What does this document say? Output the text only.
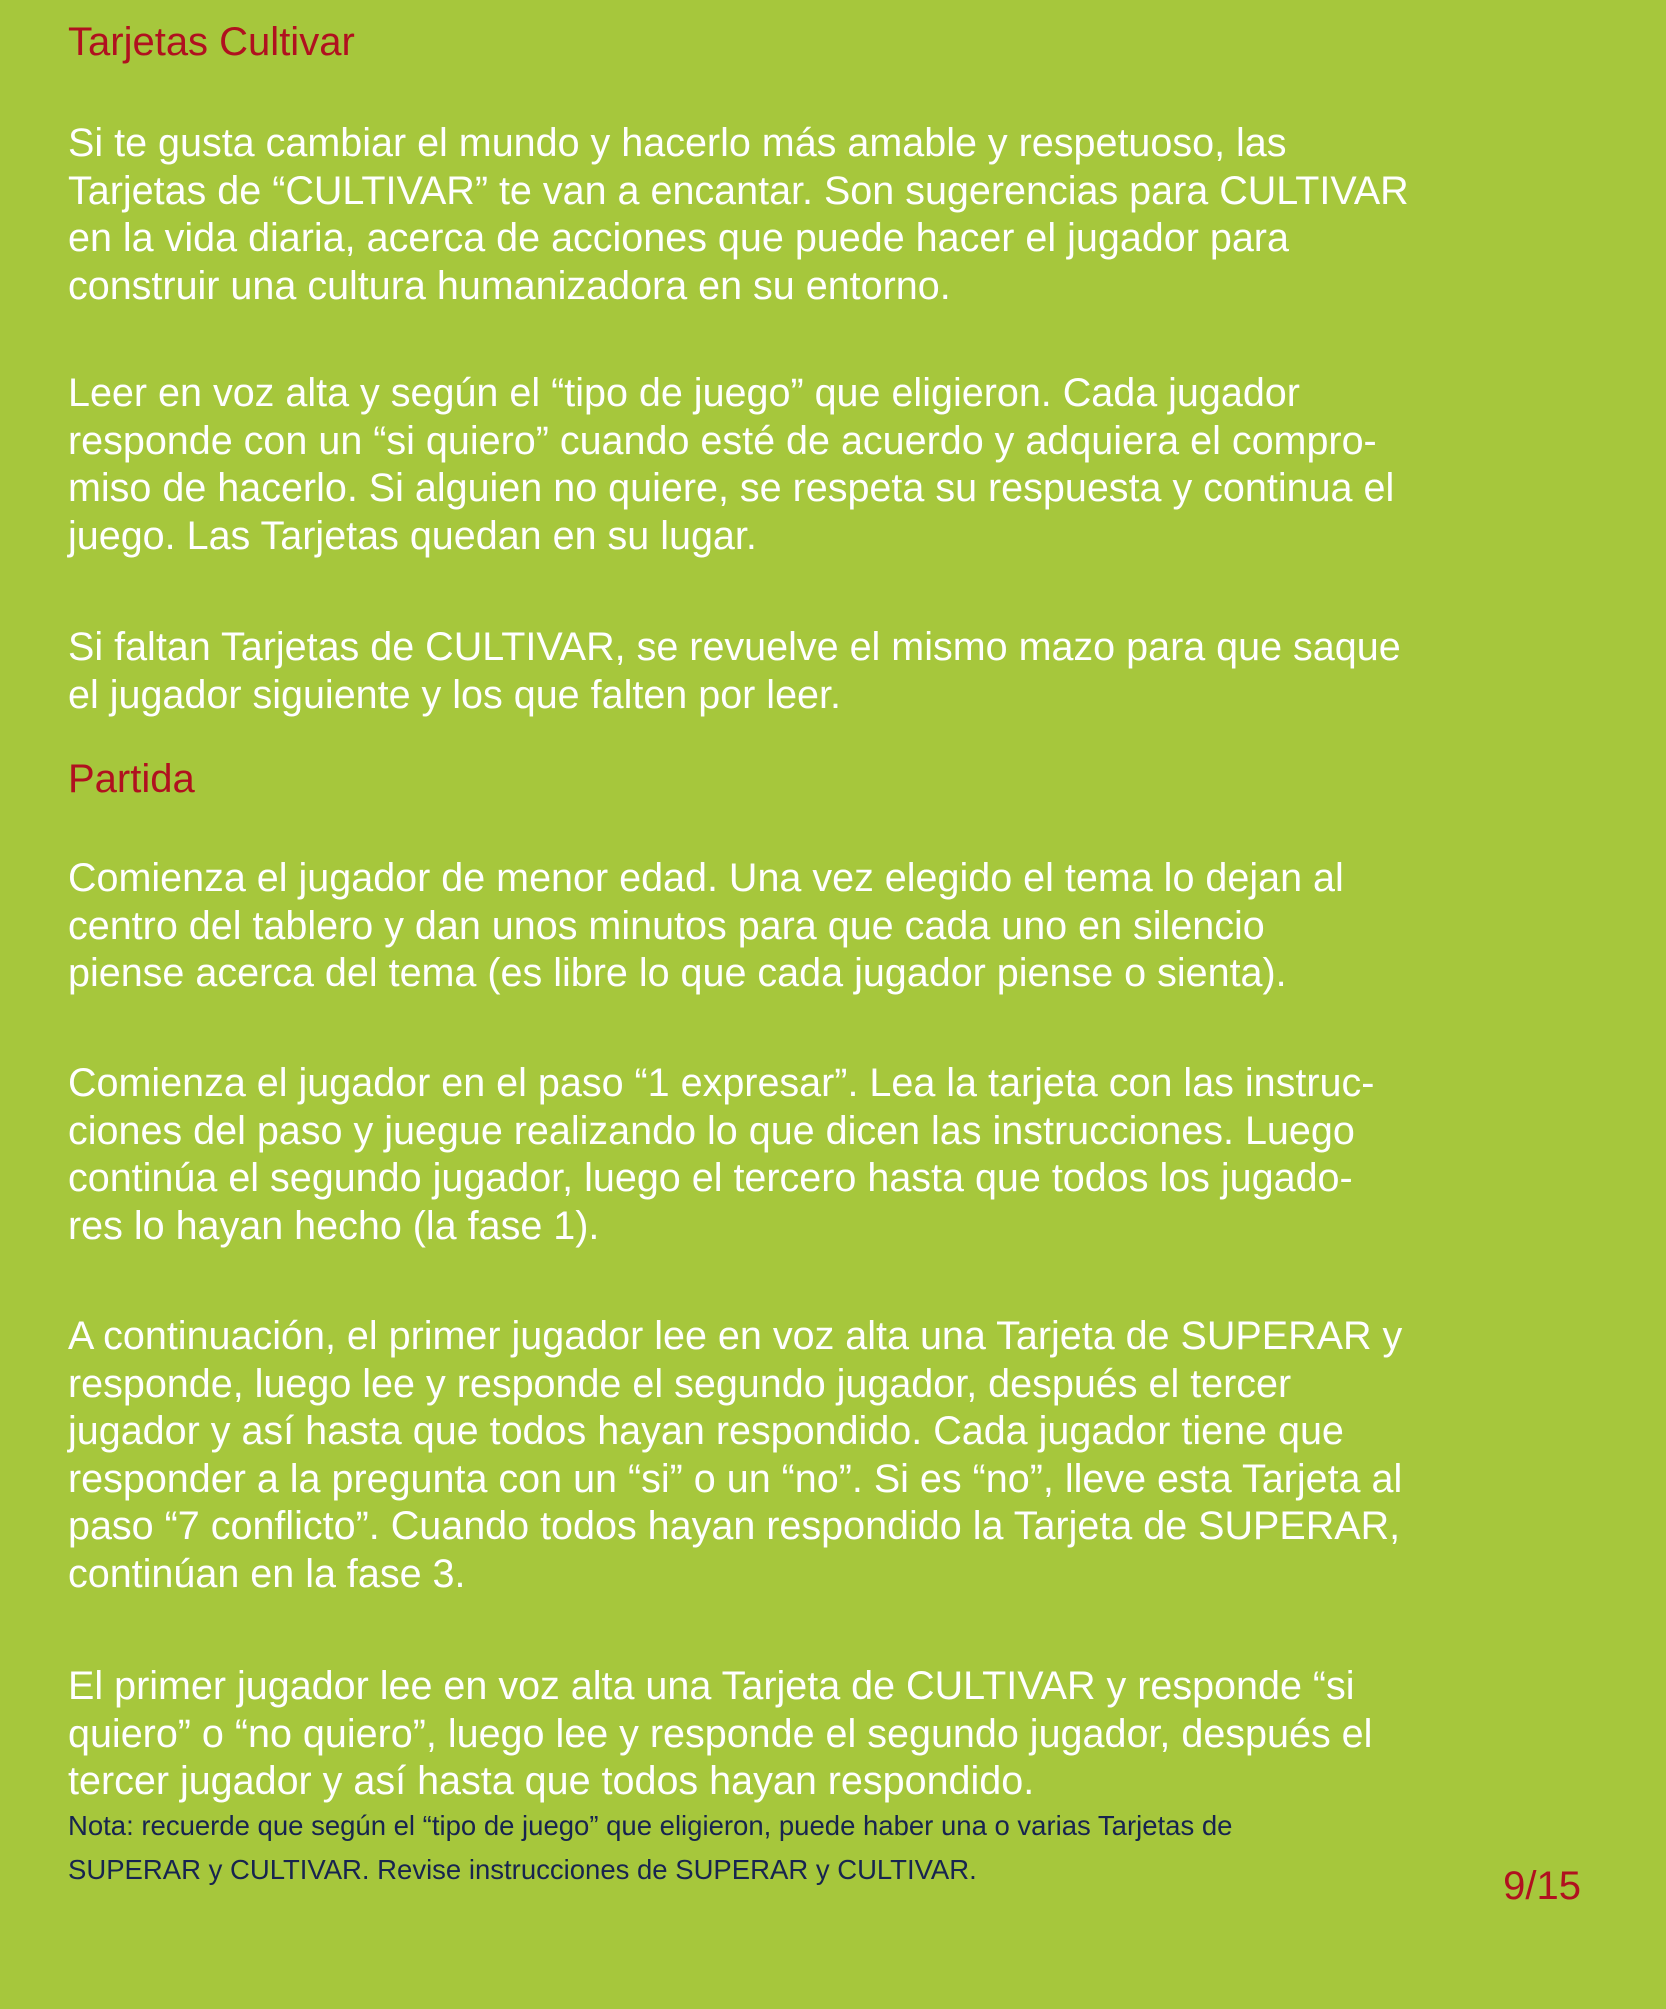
Tarjetas Cultivar

Si te gusta cambiar el mundo y hacerlo más amable y respetuoso, las
Tarjetas de “CULTIVAR” te van a encantar. Son sugerencias para CULTIVAR
en la vida diaria, acerca de acciones que puede hacer el jugador para
construir una cultura humanizadora en su entorno.

Leer en voz alta y según el “tipo de juego” que eligieron. Cada jugador
responde con un “si quiero” cuando esté de acuerdo y adquiera el compro-
miso de hacerlo. Si alguien no quiere, se respeta su respuesta y continua el
juego. Las Tarjetas quedan en su lugar.

Si faltan Tarjetas de CULTIVAR, se revuelve el mismo mazo para que saque
el jugador siguiente y los que falten por leer.

Partida

Comienza el jugador de menor edad. Una vez elegido el tema lo dejan al
centro del tablero y dan unos minutos para que cada uno en silencio
piense acerca del tema (es libre lo que cada jugador piense o sienta).

Comienza el jugador en el paso “1 expresar”. Lea la tarjeta con las instruc-
ciones del paso y juegue realizando lo que dicen las instrucciones. Luego
continúa el segundo jugador, luego el tercero hasta que todos los jugado-
res lo hayan hecho (la fase 1).

A continuación, el primer jugador lee en voz alta una Tarjeta de SUPERAR y
responde, luego lee y responde el segundo jugador, después el tercer
jugador y así hasta que todos hayan respondido. Cada jugador tiene que
responder a la pregunta con un “si” o un “no”. Si es “no”, lleve esta Tarjeta al
paso “7 conflicto”. Cuando todos hayan respondido la Tarjeta de SUPERAR,
continúan en la fase 3.

El primer jugador lee en voz alta una Tarjeta de CULTIVAR y responde “si
quiero” o “no quiero”, luego lee y responde el segundo jugador, después el
tercer jugador y así hasta que todos hayan respondido.

Nota: recuerde que según el “tipo de juego” que eligieron, puede haber una o varias Tarjetas de
SUPERAR y CULTIVAR. Revise instrucciones de SUPERAR y CULTIVAR.	9/15
